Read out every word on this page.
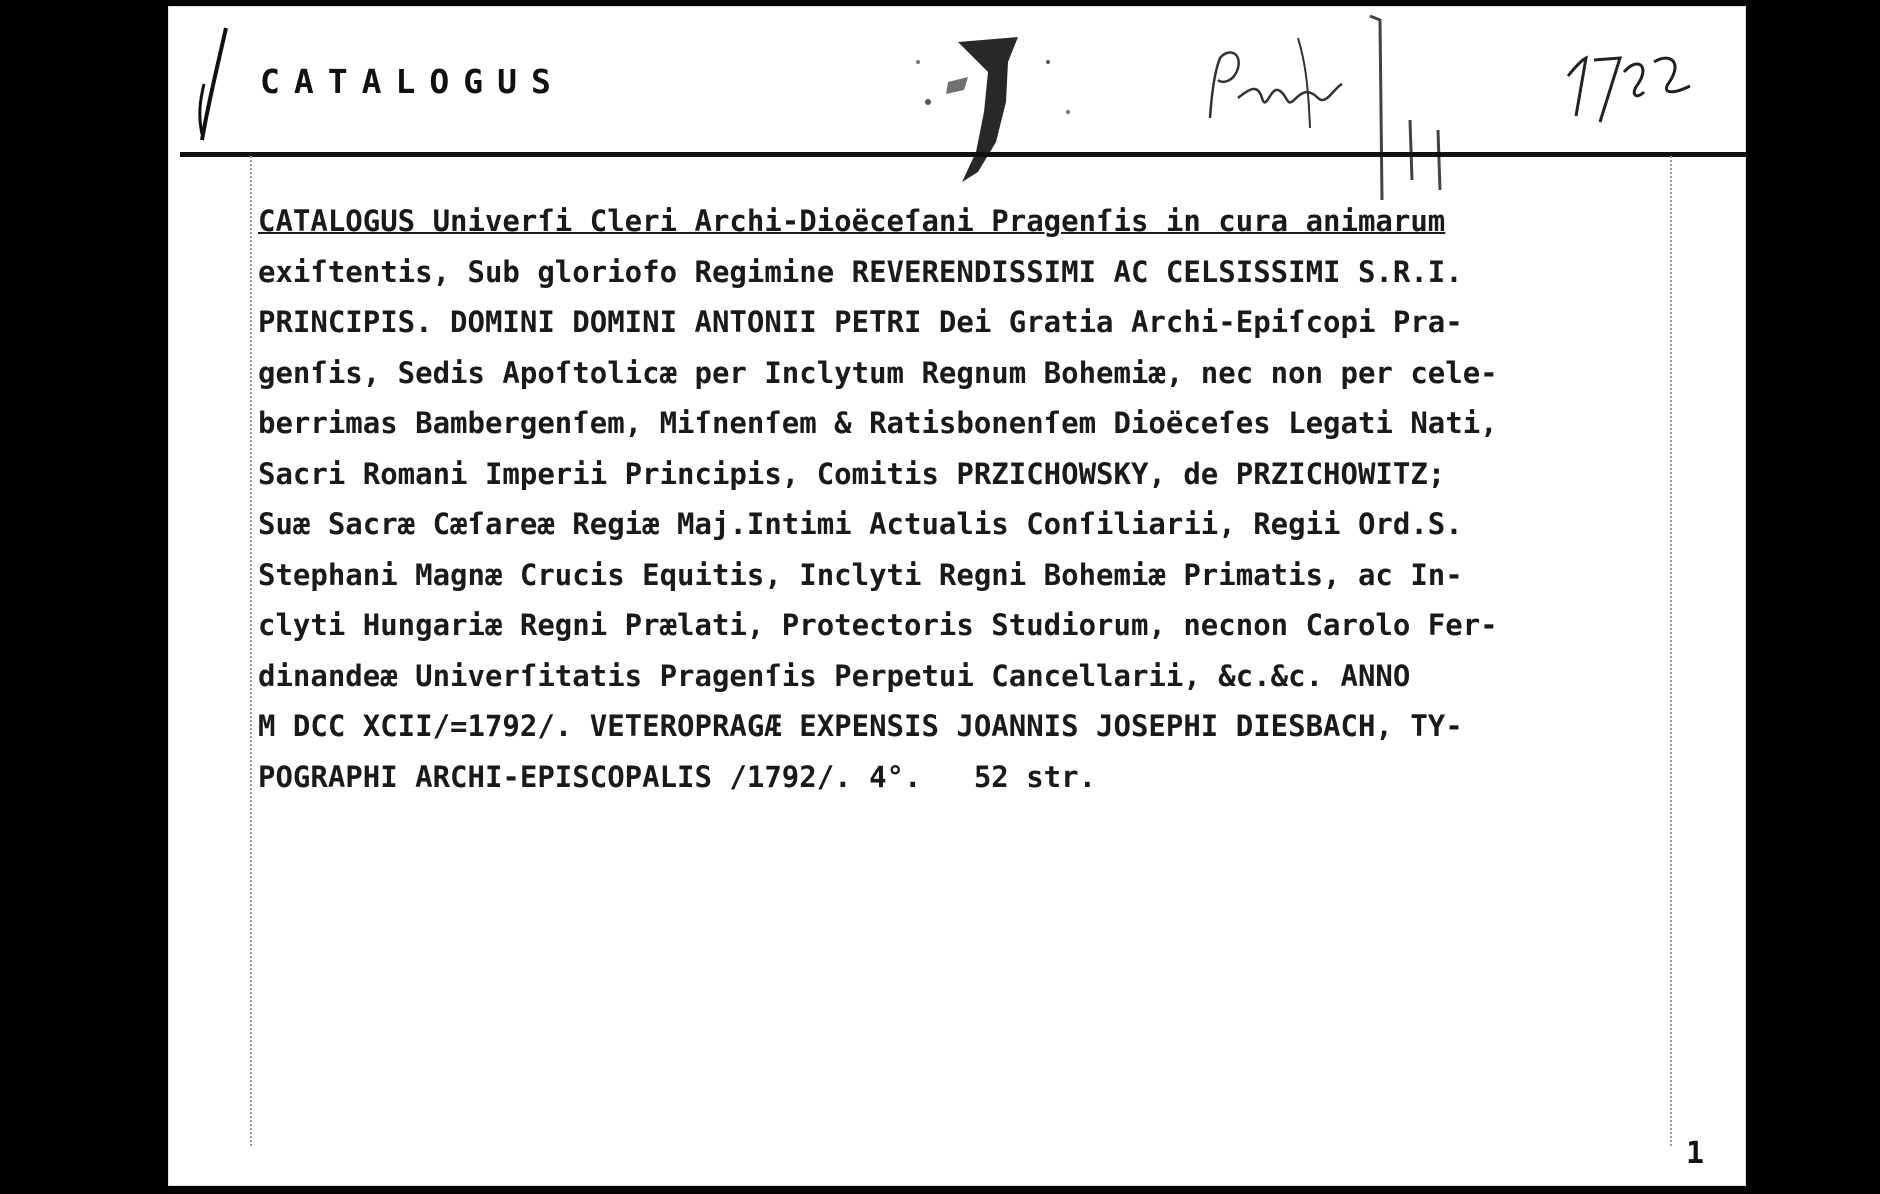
CATALOGUS
CATALOGUS Univerſi Cleri Archi-Dioëceſani Pragenſis in cura animarum
exiſtentis, Sub gloriofo Regimine REVERENDISSIMI AC CELSISSIMI S.R.I.
PRINCIPIS. DOMINI DOMINI ANTONII PETRI Dei Gratia Archi-Epiſcopi Pra-
genſis, Sedis Apoſtolicæ per Inclytum Regnum Bohemiæ, nec non per cele-
berrimas Bambergenſem, Miſnenſem & Ratisbonenſem Dioëceſes Legati Nati,
Sacri Romani Imperii Principis, Comitis PRZICHOWSKY, de PRZICHOWITZ;
Suæ Sacræ Cæſareæ Regiæ Maj.Intimi Actualis Conſiliarii, Regii Ord.S.
Stephani Magnæ Crucis Equitis, Inclyti Regni Bohemiæ Primatis, ac In-
clyti Hungariæ Regni Prælati, Protectoris Studiorum, necnon Carolo Fer-
dinandeæ Univerſitatis Pragenſis Perpetui Cancellarii, &c.&c. ANNO
M DCC XCII/=1792/. VETEROPRAGÆ EXPENSIS JOANNIS JOSEPHI DIESBACH, TY-
POGRAPHI ARCHI-EPISCOPALIS /1792/. 4°.   52 str.
1
